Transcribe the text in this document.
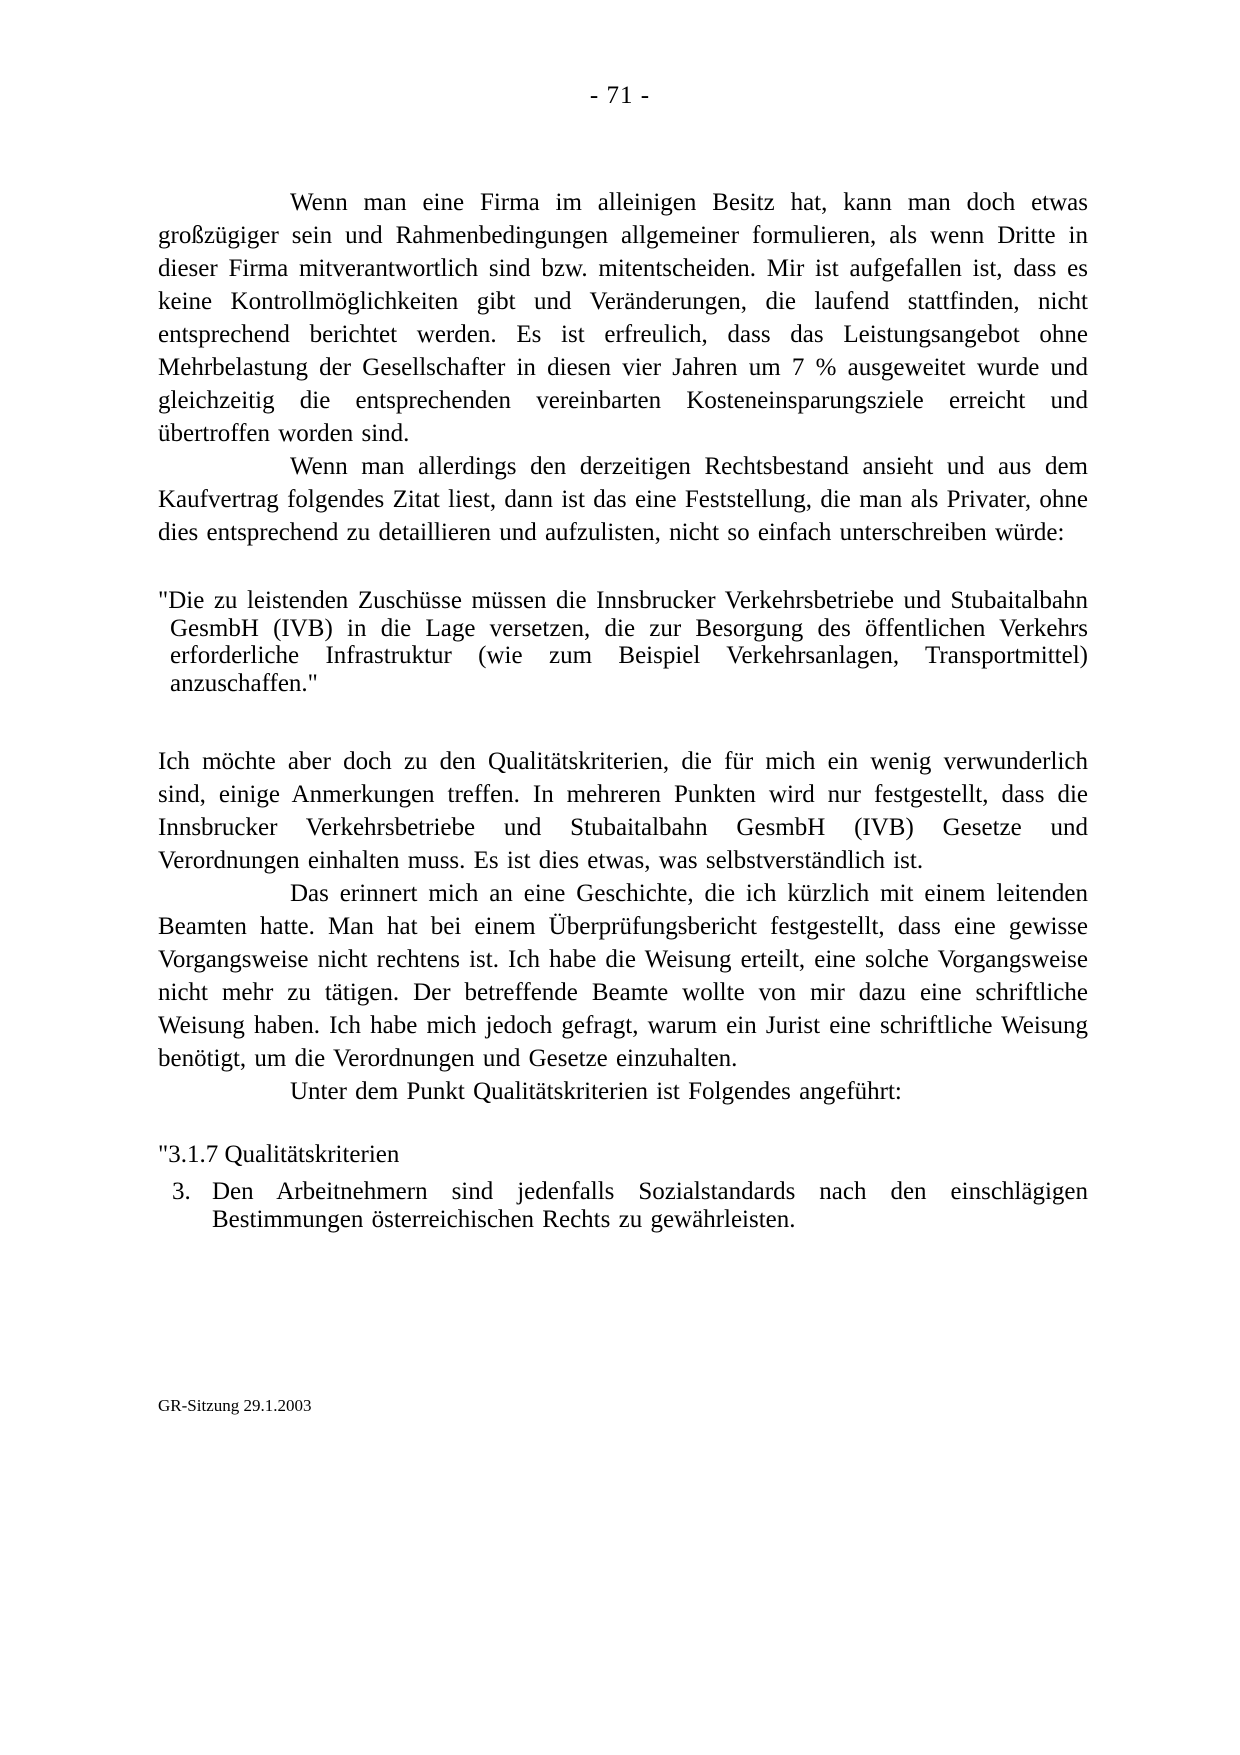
- 71 -

Wenn man eine Firma im alleinigen Besitz hat, kann man doch etwas großzügiger sein und Rahmenbedingungen allgemeiner formulieren, als wenn Dritte in dieser Firma mitverantwortlich sind bzw. mitentscheiden. Mir ist aufgefallen ist, dass es keine Kontrollmöglichkeiten gibt und Veränderungen, die laufend stattfinden, nicht entsprechend berichtet werden. Es ist erfreulich, dass das Leistungsangebot ohne Mehrbelastung der Gesellschafter in diesen vier Jahren um 7 % ausgeweitet wurde und gleichzeitig die entsprechenden vereinbarten Kosteneinsparungsziele erreicht und übertroffen worden sind.

Wenn man allerdings den derzeitigen Rechtsbestand ansieht und aus dem Kaufvertrag folgendes Zitat liest, dann ist das eine Feststellung, die man als Privater, ohne dies entsprechend zu detaillieren und aufzulisten, nicht so einfach unterschreiben würde:

"Die zu leistenden Zuschüsse müssen die Innsbrucker Verkehrsbetriebe und Stubaitalbahn GesmbH (IVB) in die Lage versetzen, die zur Besorgung des öffentlichen Verkehrs erforderliche Infrastruktur (wie zum Beispiel Verkehrsanlagen, Transportmittel) anzuschaffen."

Ich möchte aber doch zu den Qualitätskriterien, die für mich ein wenig verwunderlich sind, einige Anmerkungen treffen. In mehreren Punkten wird nur festgestellt, dass die Innsbrucker Verkehrsbetriebe und Stubaitalbahn GesmbH (IVB) Gesetze und Verordnungen einhalten muss. Es ist dies etwas, was selbstverständlich ist.

Das erinnert mich an eine Geschichte, die ich kürzlich mit einem leitenden Beamten hatte. Man hat bei einem Überprüfungsbericht festgestellt, dass eine gewisse Vorgangsweise nicht rechtens ist. Ich habe die Weisung erteilt, eine solche Vorgangsweise nicht mehr zu tätigen. Der betreffende Beamte wollte von mir dazu eine schriftliche Weisung haben. Ich habe mich jedoch gefragt, warum ein Jurist eine schriftliche Weisung benötigt, um die Verordnungen und Gesetze einzuhalten.

Unter dem Punkt Qualitätskriterien ist Folgendes angeführt:

"3.1.7 Qualitätskriterien

3. Den Arbeitnehmern sind jedenfalls Sozialstandards nach den einschlägigen Bestimmungen österreichischen Rechts zu gewährleisten.
GR-Sitzung 29.1.2003
